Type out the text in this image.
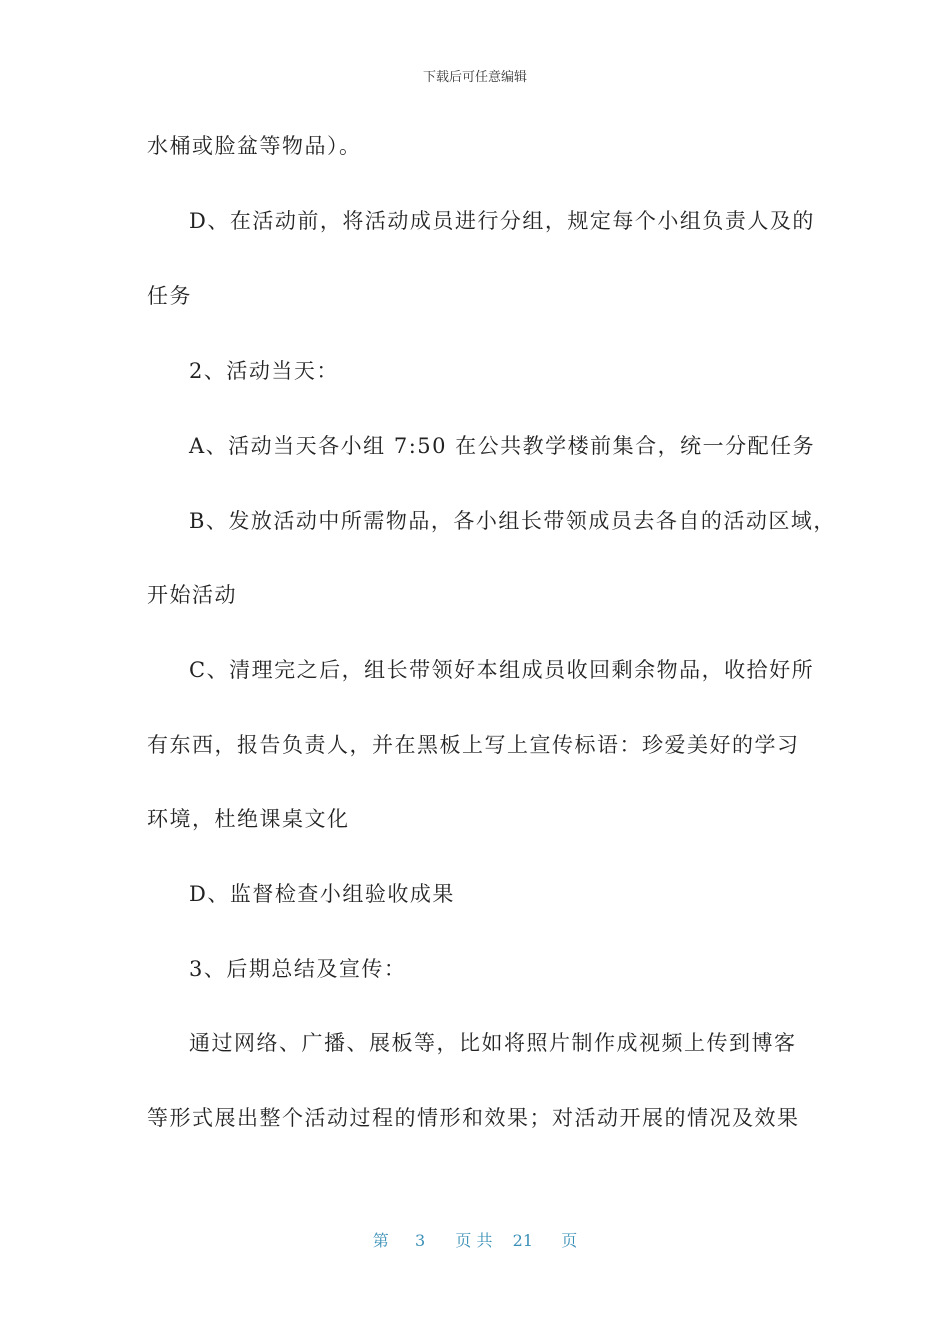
下载后可任意编辑
水桶或脸盆等物品）。
D、在活动前，将活动成员进行分组，规定每个小组负责人及的
任务
2、活动当天：
A、活动当天各小组 7:50 在公共教学楼前集合，统一分配任务
B、发放活动中所需物品，各小组长带领成员去各自的活动区域，
开始活动
C、清理完之后，组长带领好本组成员收回剩余物品，收拾好所
有东西，报告负责人，并在黑板上写上宣传标语：珍爱美好的学习
环境，杜绝课桌文化
D、监督检查小组验收成果
3、后期总结及宣传：
通过网络、广播、展板等，比如将照片制作成视频上传到博客
等形式展出整个活动过程的情形和效果；对活动开展的情况及效果
第 3 页 共 21 页
